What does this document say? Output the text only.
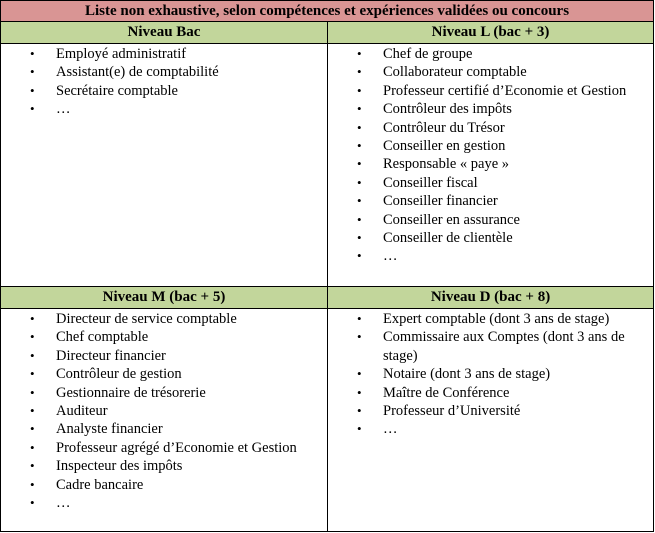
Liste non exhaustive, selon compétences et expériences validées ou concours
Niveau Bac	Niveau L (bac + 3)
• Employé administratif
• Assistant(e) de comptabilité
• Secrétaire comptable
• …
• Chef de groupe
• Collaborateur comptable
• Professeur certifié d’Economie et Gestion
• Contrôleur des impôts
• Contrôleur du Trésor
• Conseiller en gestion
• Responsable « paye »
• Conseiller fiscal
• Conseiller financier
• Conseiller en assurance
• Conseiller de clientèle
• …
Niveau M (bac + 5)	Niveau D (bac + 8)
• Directeur de service comptable
• Chef comptable
• Directeur financier
• Contrôleur de gestion
• Gestionnaire de trésorerie
• Auditeur
• Analyste financier
• Professeur agrégé d’Economie et Gestion
• Inspecteur des impôts
• Cadre bancaire
• …
• Expert comptable (dont 3 ans de stage)
• Commissaire aux Comptes (dont 3 ans de stage)
• Notaire (dont 3 ans de stage)
• Maître de Conférence
• Professeur d’Université
• …
